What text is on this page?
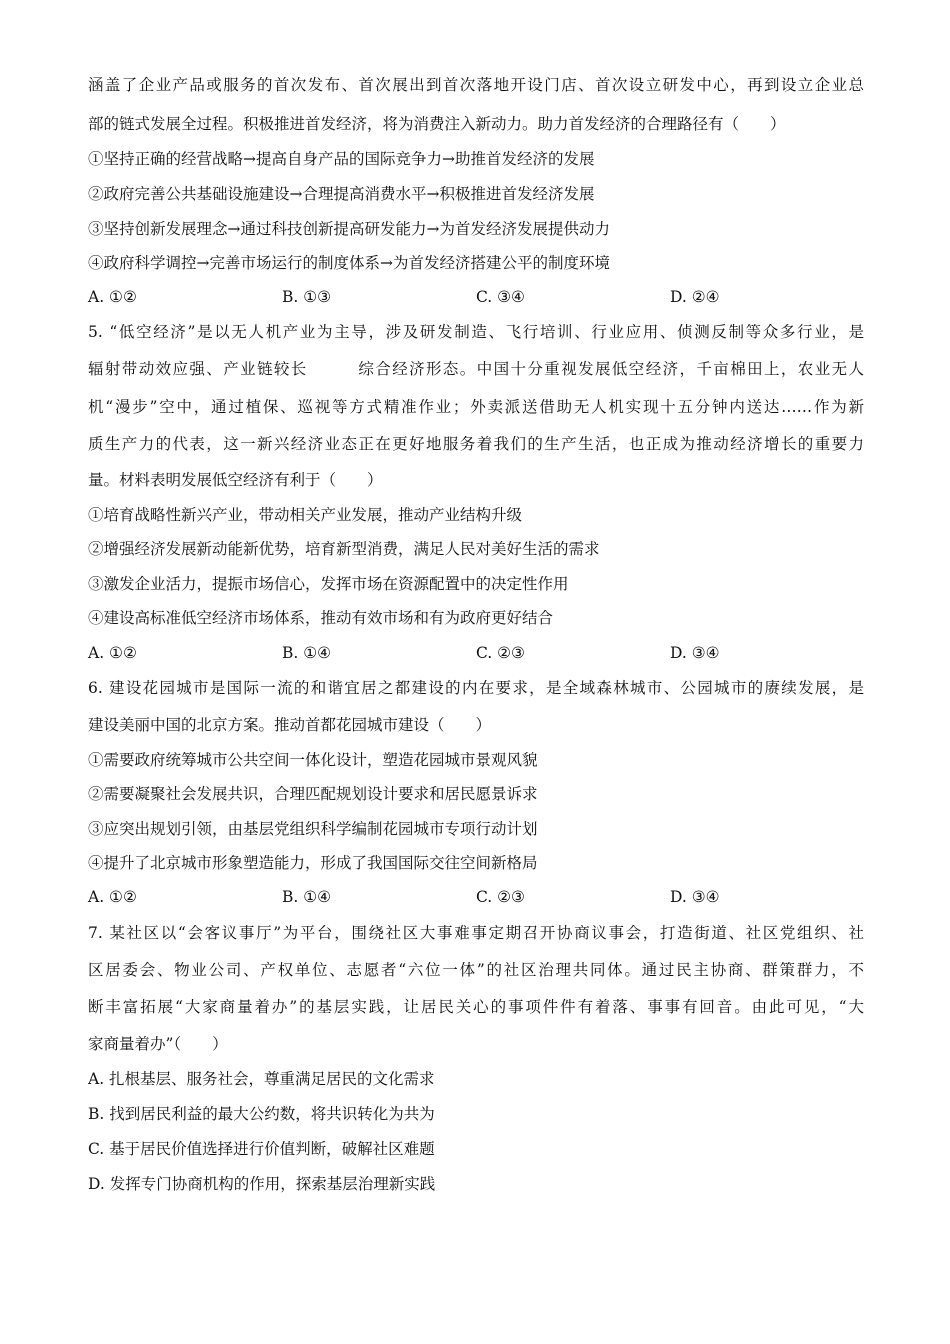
涵盖了企业产品或服务的首次发布、首次展出到首次落地开设门店、首次设立研发中心，再到设立企业总
部的链式发展全过程。积极推进首发经济，将为消费注入新动力。助力首发经济的合理路径有（　　）
①坚持正确的经营战略→提高自身产品的国际竞争力→助推首发经济的发展
②政府完善公共基础设施建设→合理提高消费水平→积极推进首发经济发展
③坚持创新发展理念→通过科技创新提高研发能力→为首发经济发展提供动力
④政府科学调控→完善市场运行的制度体系→为首发经济搭建公平的制度环境
A. ①②	B. ①③	C. ③④	D. ②④
5. “低空经济”是以无人机产业为主导，涉及研发制造、飞行培训、行业应用、侦测反制等众多行业，是
辐射带动效应强、产业链较长　　　综合经济形态。中国十分重视发展低空经济，千亩棉田上，农业无人
机“漫步”空中，通过植保、巡视等方式精准作业；外卖派送借助无人机实现十五分钟内送达……作为新
质生产力的代表，这一新兴经济业态正在更好地服务着我们的生产生活，也正成为推动经济增长的重要力
量。材料表明发展低空经济有利于（　　）
①培育战略性新兴产业，带动相关产业发展，推动产业结构升级
②增强经济发展新动能新优势，培育新型消费，满足人民对美好生活的需求
③激发企业活力，提振市场信心，发挥市场在资源配置中的决定性作用
④建设高标准低空经济市场体系，推动有效市场和有为政府更好结合
A. ①②	B. ①④	C. ②③	D. ③④
6. 建设花园城市是国际一流的和谐宜居之都建设的内在要求，是全域森林城市、公园城市的赓续发展，是
建设美丽中国的北京方案。推动首都花园城市建设（　　）
①需要政府统筹城市公共空间一体化设计，塑造花园城市景观风貌
②需要凝聚社会发展共识，合理匹配规划设计要求和居民愿景诉求
③应突出规划引领，由基层党组织科学编制花园城市专项行动计划
④提升了北京城市形象塑造能力，形成了我国国际交往空间新格局
A. ①②	B. ①④	C. ②③	D. ③④
7. 某社区以“会客议事厅”为平台，围绕社区大事难事定期召开协商议事会，打造街道、社区党组织、社
区居委会、物业公司、产权单位、志愿者“六位一体”的社区治理共同体。通过民主协商、群策群力，不
断丰富拓展“大家商量着办”的基层实践，让居民关心的事项件件有着落、事事有回音。由此可见，“大
家商量着办”（　　）
A. 扎根基层、服务社会，尊重满足居民的文化需求
B. 找到居民利益的最大公约数，将共识转化为共为
C. 基于居民价值选择进行价值判断，破解社区难题
D. 发挥专门协商机构的作用，探索基层治理新实践
